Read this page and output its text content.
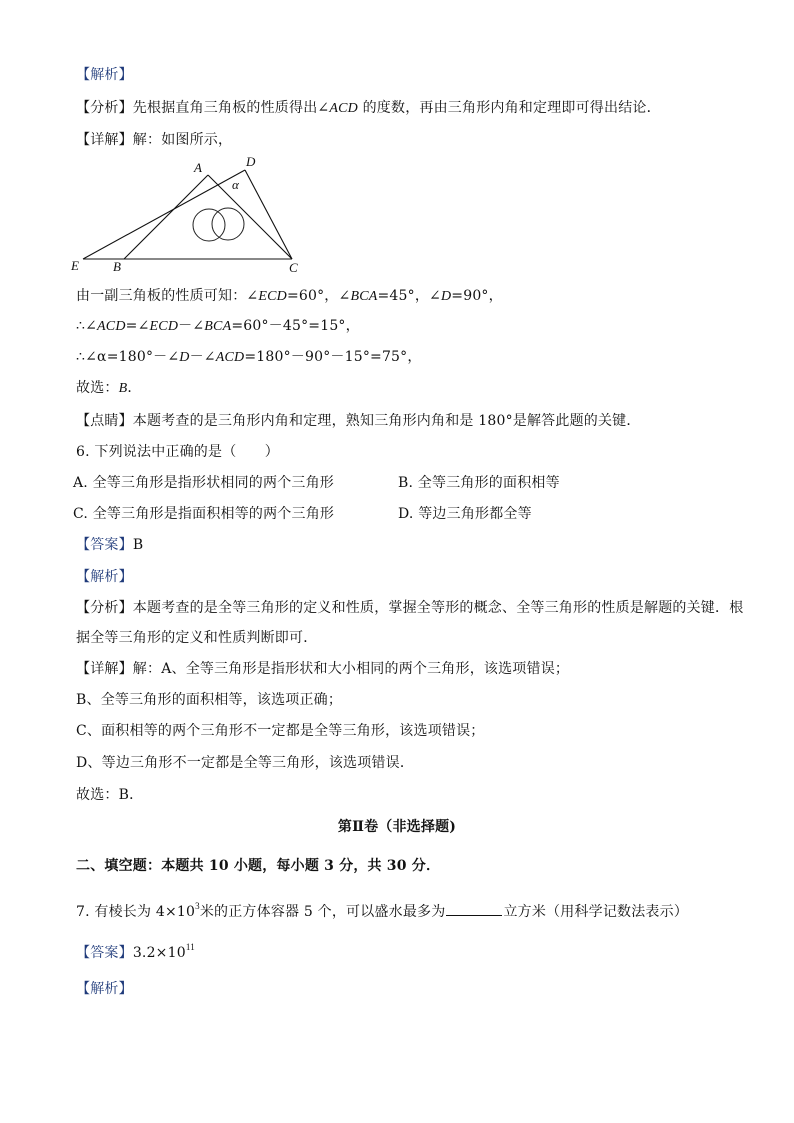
【解析】
【分析】先根据直角三角板的性质得出∠ACD 的度数，再由三角形内角和定理即可得出结论．
【详解】解：如图所示，
A	D
α
E	B	C
由一副三角板的性质可知：∠ECD=60°，∠BCA=45°，∠D=90°，
∴∠ACD=∠ECD－∠BCA=60°－45°=15°，
∴∠α=180°－∠D－∠ACD=180°－90°－15°=75°，
故选：B．
【点睛】本题考查的是三角形内角和定理，熟知三角形内角和是 180°是解答此题的关键．
6. 下列说法中正确的是（　　）
A. 全等三角形是指形状相同的两个三角形	B. 全等三角形的面积相等
C. 全等三角形是指面积相等的两个三角形	D. 等边三角形都全等
【答案】B
【解析】
【分析】本题考查的是全等三角形的定义和性质，掌握全等形的概念、全等三角形的性质是解题的关键．根
据全等三角形的定义和性质判断即可．
【详解】解：A、全等三角形是指形状和大小相同的两个三角形，该选项错误；
B、全等三角形的面积相等，该选项正确；
C、面积相等的两个三角形不一定都是全等三角形，该选项错误；
D、等边三角形不一定都是全等三角形，该选项错误．
故选：B．
第Ⅱ卷（非选择题)
二、填空题：本题共 10 小题，每小题 3 分，共 30 分．
7. 有棱长为 $4\times 10^3$米的正方体容器 5 个，可以盛水最多为	立方米（用科学记数法表示）
【答案】$3.2\times 10^{11}$
【解析】
